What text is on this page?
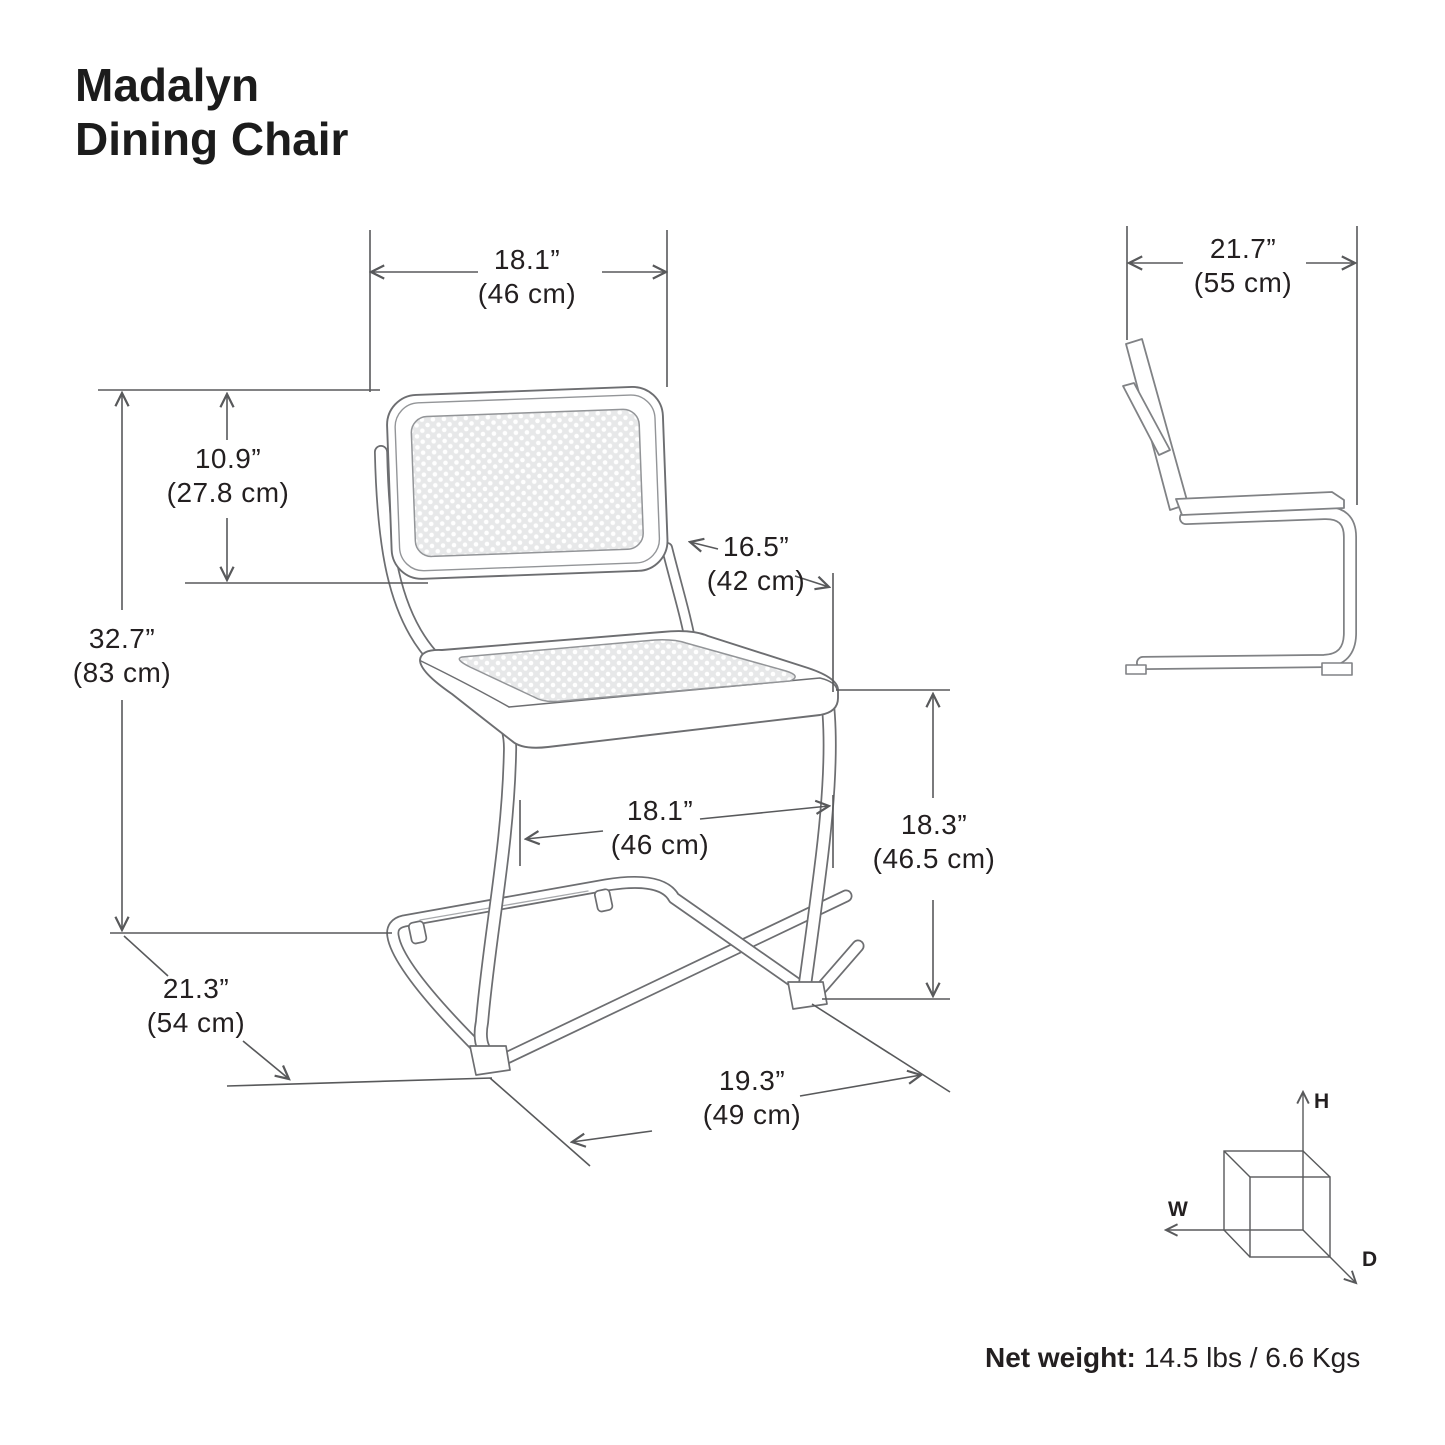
Madalyn
Dining Chair
18.1”
(46 cm)
21.7”
(55 cm)
10.9”
(27.8 cm)
16.5”
(42 cm)
32.7”
(83 cm)
18.1”
(46 cm)
18.3”
(46.5 cm)
21.3”
(54 cm)
19.3”
(49 cm)	H
W
D
Net weight: 14.5 lbs / 6.6 Kgs
